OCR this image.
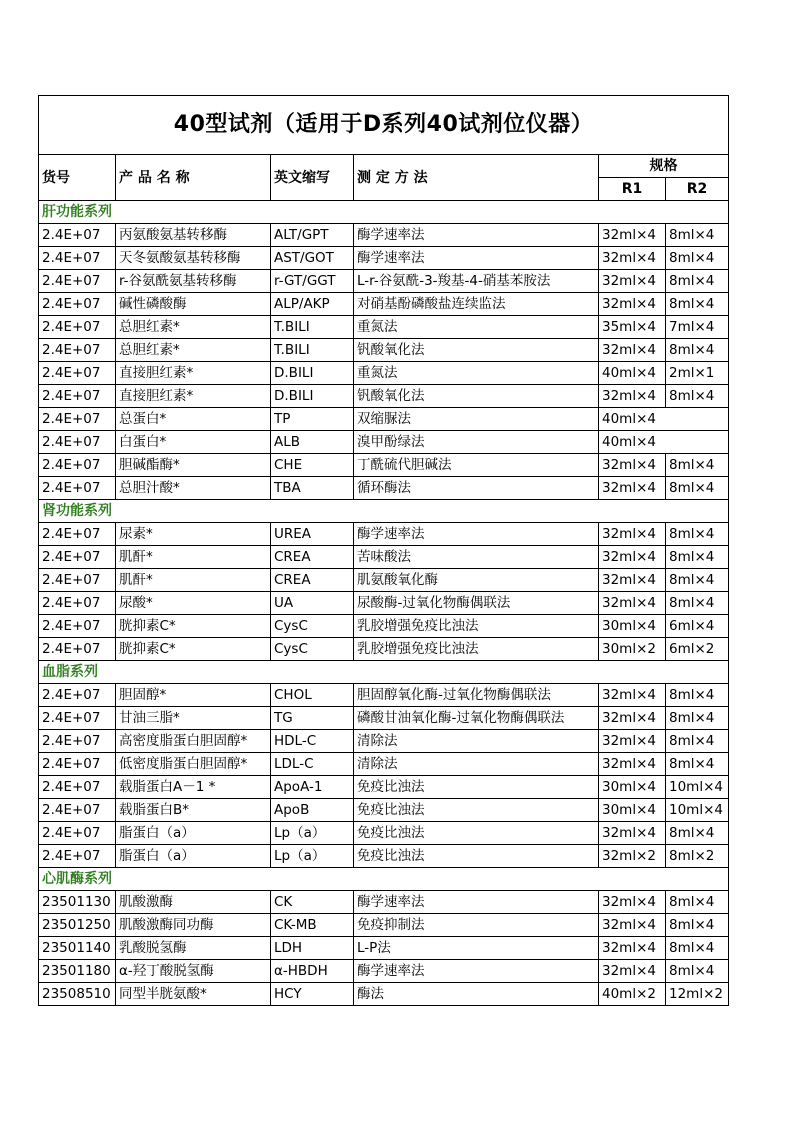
40型试剂（适用于D系列40试剂位仪器）					
货号	产 品 名 称	英文缩写	测 定 方 法	规格	
				R1	R2
肝功能系列					
2.4E+07	丙氨酸氨基转移酶	ALT/GPT	酶学速率法	32ml×4	8ml×4
2.4E+07	天冬氨酸氨基转移酶	AST/GOT	酶学速率法	32ml×4	8ml×4
2.4E+07	r-谷氨酰氨基转移酶	r-GT/GGT	L-r-谷氨酰-3-羧基-4-硝基苯胺法	32ml×4	8ml×4
2.4E+07	碱性磷酸酶	ALP/AKP	对硝基酚磷酸盐连续监法	32ml×4	8ml×4
2.4E+07	总胆红素*	T.BILI	重氮法	35ml×4	7ml×4
2.4E+07	总胆红素*	T.BILI	钒酸氧化法	32ml×4	8ml×4
2.4E+07	直接胆红素*	D.BILI	重氮法	40ml×4	2ml×1
2.4E+07	直接胆红素*	D.BILI	钒酸氧化法	32ml×4	8ml×4
2.4E+07	总蛋白*	TP	双缩脲法	40ml×4	
2.4E+07	白蛋白*	ALB	溴甲酚绿法	40ml×4	
2.4E+07	胆碱酯酶*	CHE	丁酰硫代胆碱法	32ml×4	8ml×4
2.4E+07	总胆汁酸*	TBA	循环酶法	32ml×4	8ml×4
肾功能系列					
2.4E+07	尿素*	UREA	酶学速率法	32ml×4	8ml×4
2.4E+07	肌酐*	CREA	苦味酸法	32ml×4	8ml×4
2.4E+07	肌酐*	CREA	肌氨酸氧化酶	32ml×4	8ml×4
2.4E+07	尿酸*	UA	尿酸酶-过氧化物酶偶联法	32ml×4	8ml×4
2.4E+07	胱抑素C*	CysC	乳胶增强免疫比浊法	30ml×4	6ml×4
2.4E+07	胱抑素C*	CysC	乳胶增强免疫比浊法	30ml×2	6ml×2
血脂系列					
2.4E+07	胆固醇*	CHOL	胆固醇氧化酶-过氧化物酶偶联法	32ml×4	8ml×4
2.4E+07	甘油三脂*	TG	磷酸甘油氧化酶-过氧化物酶偶联法	32ml×4	8ml×4
2.4E+07	高密度脂蛋白胆固醇*	HDL-C	清除法	32ml×4	8ml×4
2.4E+07	低密度脂蛋白胆固醇*	LDL-C	清除法	32ml×4	8ml×4
2.4E+07	载脂蛋白A－1 *	ApoA-1	免疫比浊法	30ml×4	10ml×4
2.4E+07	载脂蛋白B*	ApoB	免疫比浊法	30ml×4	10ml×4
2.4E+07	脂蛋白（a）	Lp（a）	免疫比浊法	32ml×4	8ml×4
2.4E+07	脂蛋白（a）	Lp（a）	免疫比浊法	32ml×2	8ml×2
心肌酶系列					
23501130	肌酸激酶	CK	酶学速率法	32ml×4	8ml×4
23501250	肌酸激酶同功酶	CK-MB	免疫抑制法	32ml×4	8ml×4
23501140	乳酸脱氢酶	LDH	L-P法	32ml×4	8ml×4
23501180	α-羟丁酸脱氢酶	α-HBDH	酶学速率法	32ml×4	8ml×4
23508510	同型半胱氨酸*	HCY	酶法	40ml×2	12ml×2
